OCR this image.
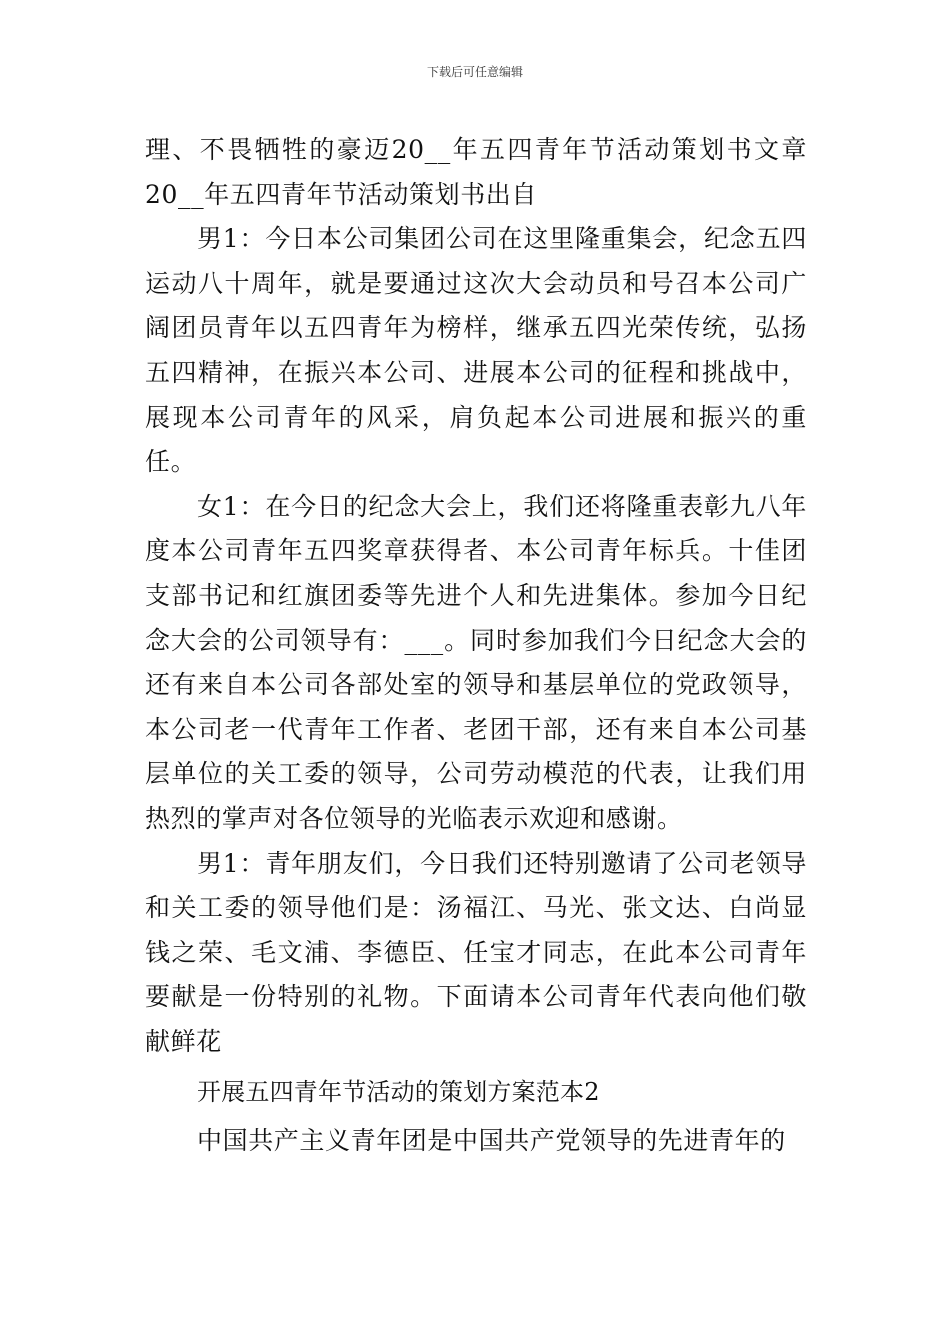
下载后可任意编辑

理、不畏牺牲的豪迈20__年五四青年节活动策划书文章20__年五四青年节活动策划书出自

男1：今日本公司集团公司在这里隆重集会，纪念五四运动八十周年，就是要通过这次大会动员和号召本公司广阔团员青年以五四青年为榜样，继承五四光荣传统，弘扬五四精神，在振兴本公司、进展本公司的征程和挑战中，展现本公司青年的风采，肩负起本公司进展和振兴的重任。

女1：在今日的纪念大会上，我们还将隆重表彰九八年度本公司青年五四奖章获得者、本公司青年标兵。十佳团支部书记和红旗团委等先进个人和先进集体。参加今日纪念大会的公司领导有：___。同时参加我们今日纪念大会的还有来自本公司各部处室的领导和基层单位的党政领导，本公司老一代青年工作者、老团干部，还有来自本公司基层单位的关工委的领导，公司劳动模范的代表，让我们用热烈的掌声对各位领导的光临表示欢迎和感谢。

男1：青年朋友们，今日我们还特别邀请了公司老领导和关工委的领导他们是：汤福江、马光、张文达、白尚显钱之荣、毛文浦、李德臣、任宝才同志，在此本公司青年要献是一份特别的礼物。下面请本公司青年代表向他们敬献鲜花

开展五四青年节活动的策划方案范本2

中国共产主义青年团是中国共产党领导的先进青年的
